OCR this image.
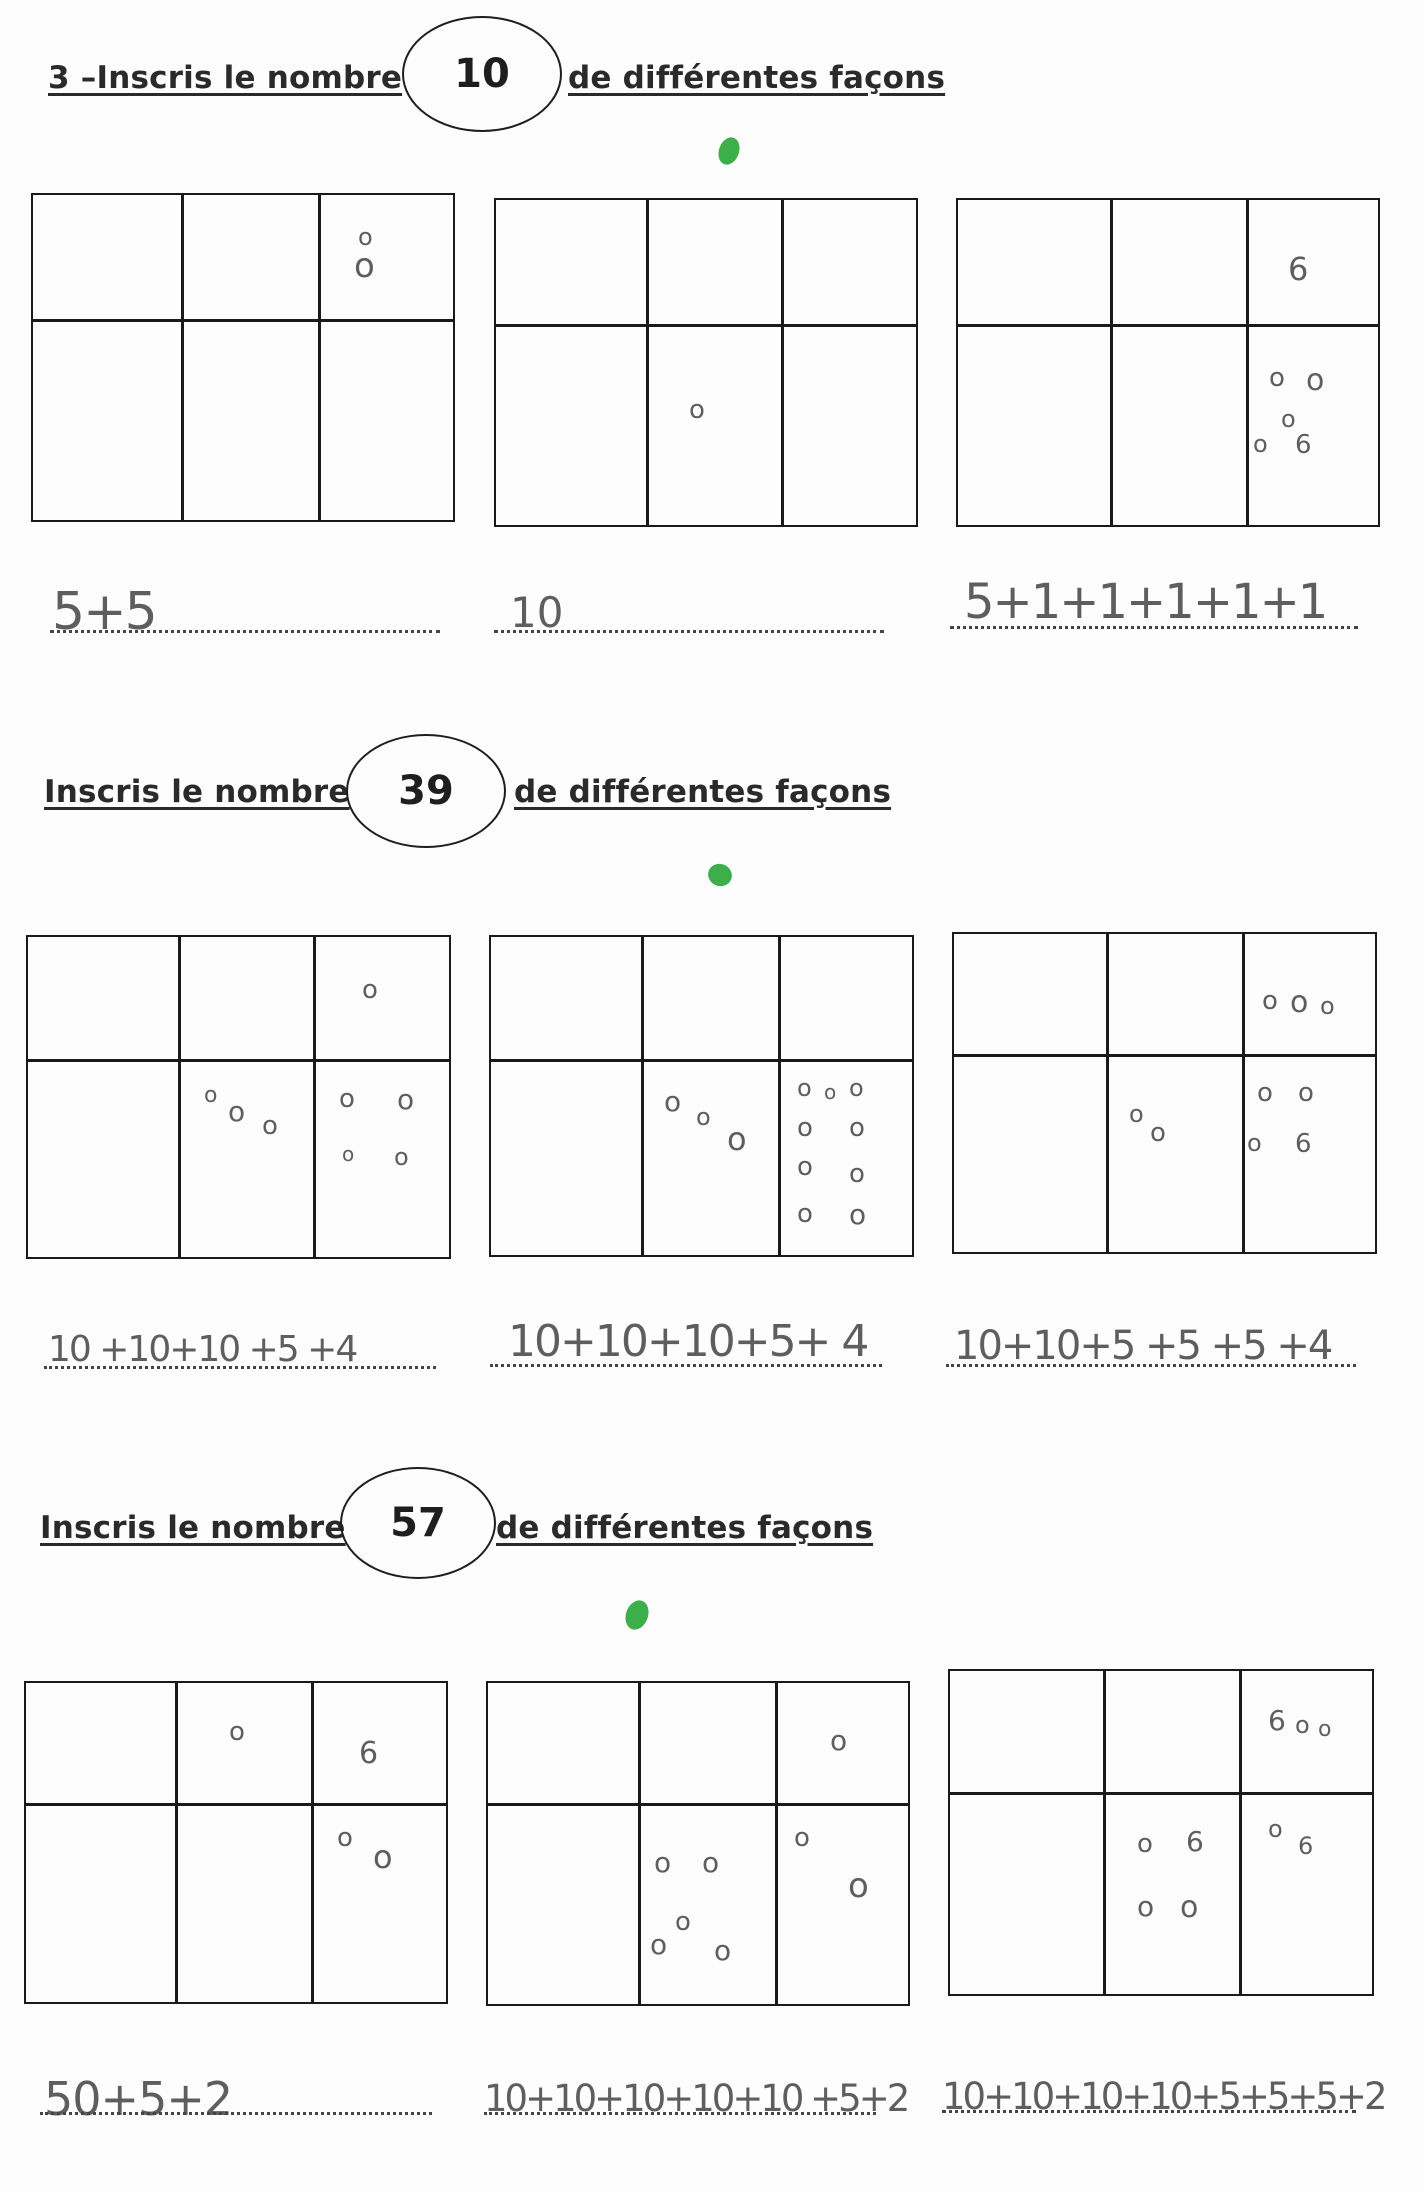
3 –Inscris le nombre	10	de différentes façons
o
o
o
6
o o
o
o 6
5+5	10	5+1+1+1+1+1
Inscris le nombre	39	de différentes façons
o
o o o
o o
o o
o o
o
o o o
o o
o o
o o
o o o
o
o
o o
o 6
10 +10+10 +5 +4	10+10+10+5+ 4 10+10+5 +5 +5 +4
Inscris le nombre	57	de différentes façons
o
6
o o
o
o o
o
o o
o
o
6 o o
o 6
o o
o
6
50+5+2	10+10+10+10+10 +5+2 10+10+10+10+5+5+5+2
